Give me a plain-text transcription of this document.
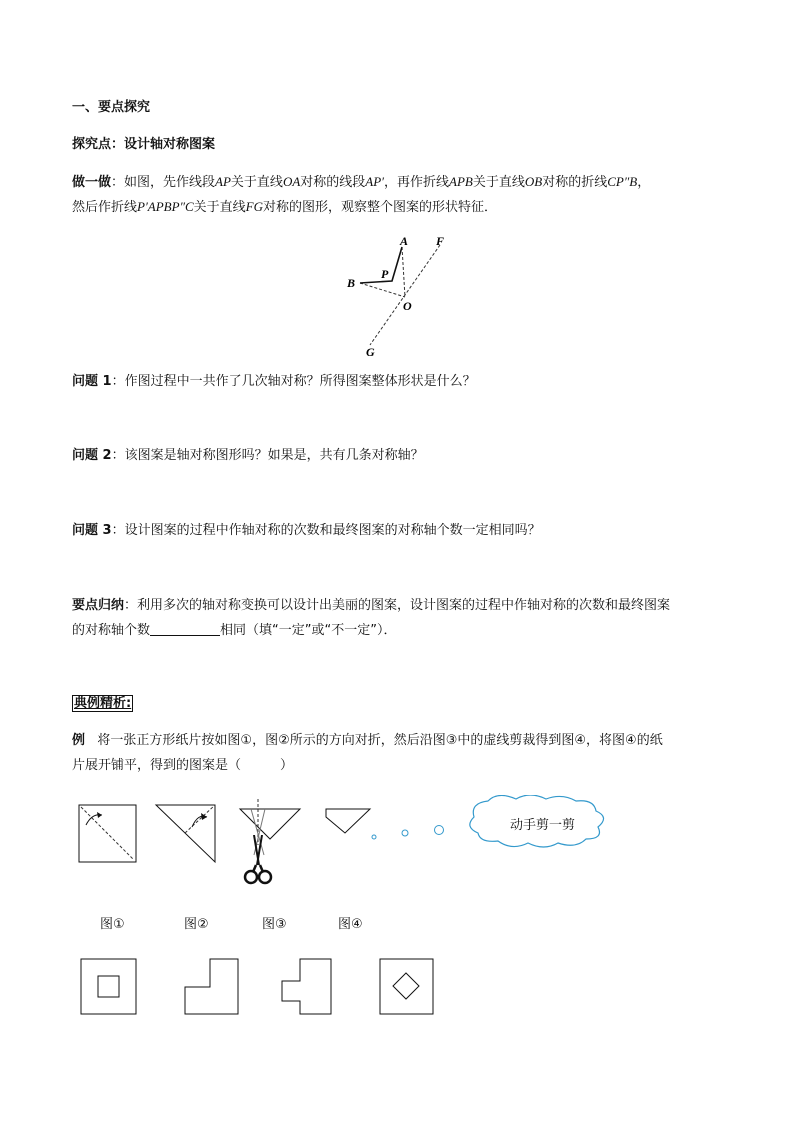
一、要点探究
探究点：设计轴对称图案
做一做：如图，先作线段AP关于直线OA对称的线段AP′，再作折线APB关于直线OB对称的折线CP″B，
然后作折线P′APBP″C关于直线FG对称的图形，观察整个图案的形状特征．
A F
P
B
O
G
问题 1：作图过程中一共作了几次轴对称？所得图案整体形状是什么？
问题 2：该图案是轴对称图形吗？如果是，共有几条对称轴？
问题 3：设计图案的过程中作轴对称的次数和最终图案的对称轴个数一定相同吗？
要点归纳：利用多次的轴对称变换可以设计出美丽的图案，设计图案的过程中作轴对称的次数和最终图案
的对称轴个数	相同（填“一定”或“不一定”）．
典例精析:
例 将一张正方形纸片按如图①，图②所示的方向对折，然后沿图③中的虚线剪裁得到图④，将图④的纸
片展开铺平，得到的图案是（　　　）
动手剪一剪
图①	图②	图③	图④
